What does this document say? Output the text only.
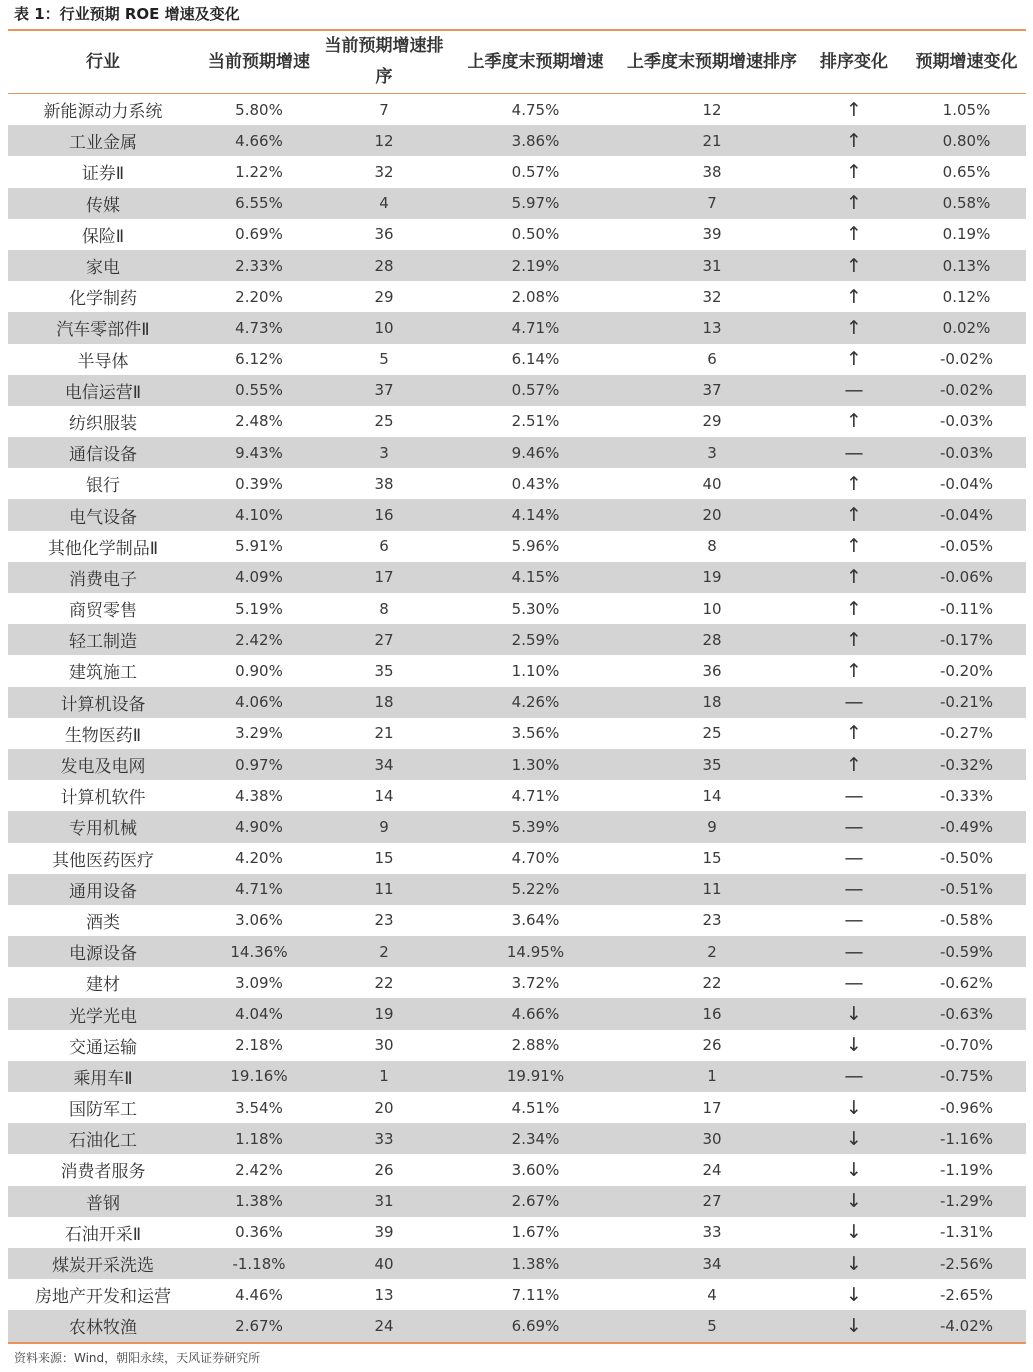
表 1：行业预期 ROE 增速及变化
行业	当前预期增速	当前预期增速排序	上季度末预期增速	上季度末预期增速排序	排序变化	预期增速变化
新能源动力系统	5.80%	7	4.75%	12	↑	1.05%
工业金属	4.66%	12	3.86%	21	↑	0.80%
证券Ⅱ	1.22%	32	0.57%	38	↑	0.65%
传媒	6.55%	4	5.97%	7	↑	0.58%
保险Ⅱ	0.69%	36	0.50%	39	↑	0.19%
家电	2.33%	28	2.19%	31	↑	0.13%
化学制药	2.20%	29	2.08%	32	↑	0.12%
汽车零部件Ⅱ	4.73%	10	4.71%	13	↑	0.02%
半导体	6.12%	5	6.14%	6	↑	-0.02%
电信运营Ⅱ	0.55%	37	0.57%	37	—	-0.02%
纺织服装	2.48%	25	2.51%	29	↑	-0.03%
通信设备	9.43%	3	9.46%	3	—	-0.03%
银行	0.39%	38	0.43%	40	↑	-0.04%
电气设备	4.10%	16	4.14%	20	↑	-0.04%
其他化学制品Ⅱ	5.91%	6	5.96%	8	↑	-0.05%
消费电子	4.09%	17	4.15%	19	↑	-0.06%
商贸零售	5.19%	8	5.30%	10	↑	-0.11%
轻工制造	2.42%	27	2.59%	28	↑	-0.17%
建筑施工	0.90%	35	1.10%	36	↑	-0.20%
计算机设备	4.06%	18	4.26%	18	—	-0.21%
生物医药Ⅱ	3.29%	21	3.56%	25	↑	-0.27%
发电及电网	0.97%	34	1.30%	35	↑	-0.32%
计算机软件	4.38%	14	4.71%	14	—	-0.33%
专用机械	4.90%	9	5.39%	9	—	-0.49%
其他医药医疗	4.20%	15	4.70%	15	—	-0.50%
通用设备	4.71%	11	5.22%	11	—	-0.51%
酒类	3.06%	23	3.64%	23	—	-0.58%
电源设备	14.36%	2	14.95%	2	—	-0.59%
建材	3.09%	22	3.72%	22	—	-0.62%
光学光电	4.04%	19	4.66%	16	↓	-0.63%
交通运输	2.18%	30	2.88%	26	↓	-0.70%
乘用车Ⅱ	19.16%	1	19.91%	1	—	-0.75%
国防军工	3.54%	20	4.51%	17	↓	-0.96%
石油化工	1.18%	33	2.34%	30	↓	-1.16%
消费者服务	2.42%	26	3.60%	24	↓	-1.19%
普钢	1.38%	31	2.67%	27	↓	-1.29%
石油开采Ⅱ	0.36%	39	1.67%	33	↓	-1.31%
煤炭开采洗选	-1.18%	40	1.38%	34	↓	-2.56%
房地产开发和运营	4.46%	13	7.11%	4	↓	-2.65%
农林牧渔	2.67%	24	6.69%	5	↓	-4.02%
资料来源：Wind，朝阳永续，天风证券研究所
